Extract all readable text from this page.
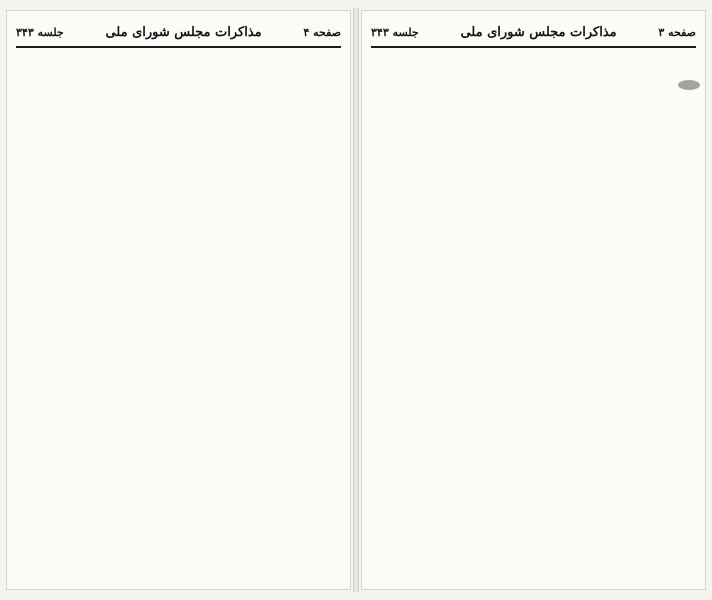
صفحه ۴
مذاکرات مجلس شورای ملی
جلسه ۳۴۳	صفحه ۳
مذاکرات مجلس شورای ملی
جلسه ۳۴۳
